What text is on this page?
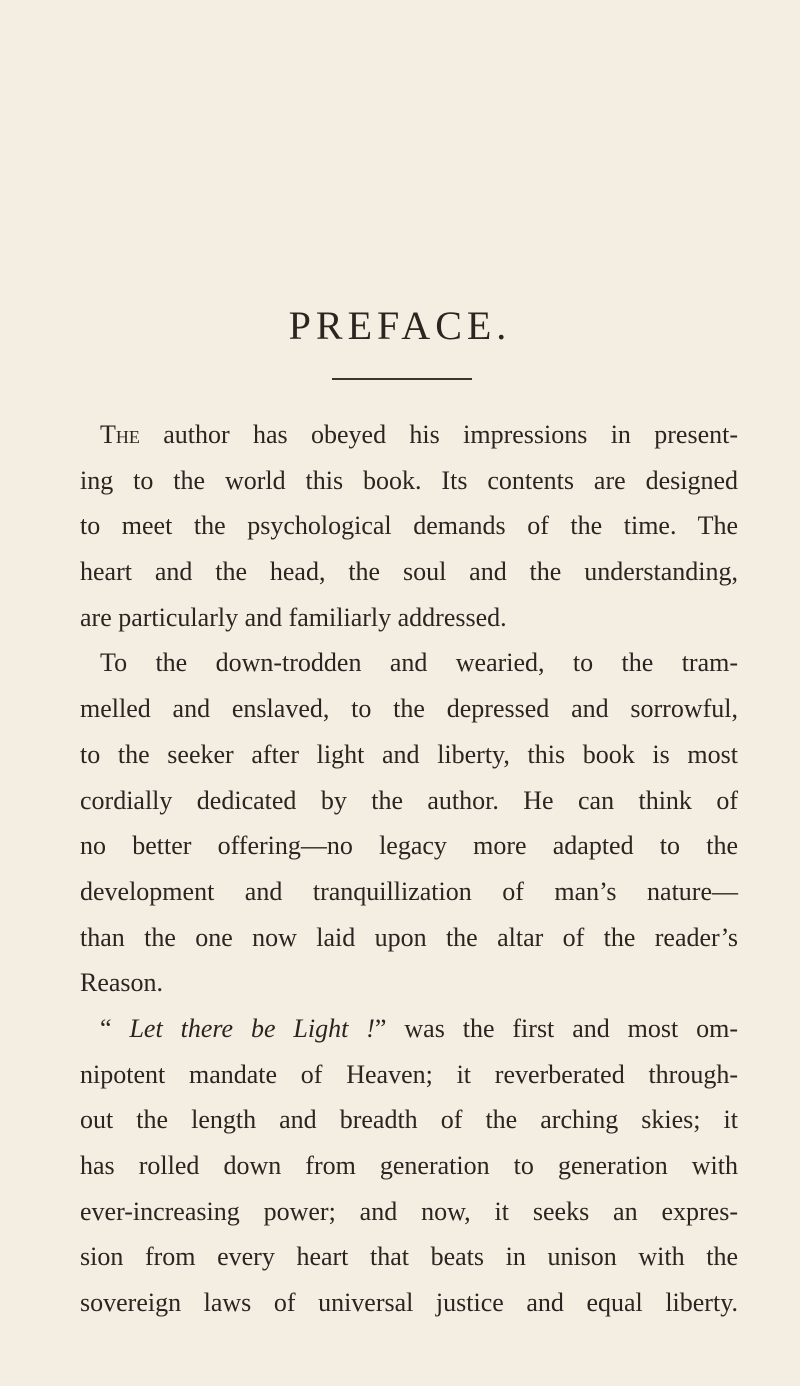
PREFACE.
The author has obeyed his impressions in present-
ing to the world this book. Its contents are designed
to meet the psychological demands of the time. The
heart and the head, the soul and the understanding,
are particularly and familiarly addressed.
To the down-trodden and wearied, to the tram-
melled and enslaved, to the depressed and sorrowful,
to the seeker after light and liberty, this book is most
cordially dedicated by the author. He can think of
no better offering—no legacy more adapted to the
development and tranquillization of man’s nature—
than the one now laid upon the altar of the reader’s
Reason.
“ Let there be Light !” was the first and most om-
nipotent mandate of Heaven; it reverberated through-
out the length and breadth of the arching skies; it
has rolled down from generation to generation with
ever-increasing power; and now, it seeks an expres-
sion from every heart that beats in unison with the
sovereign laws of universal justice and equal liberty.
